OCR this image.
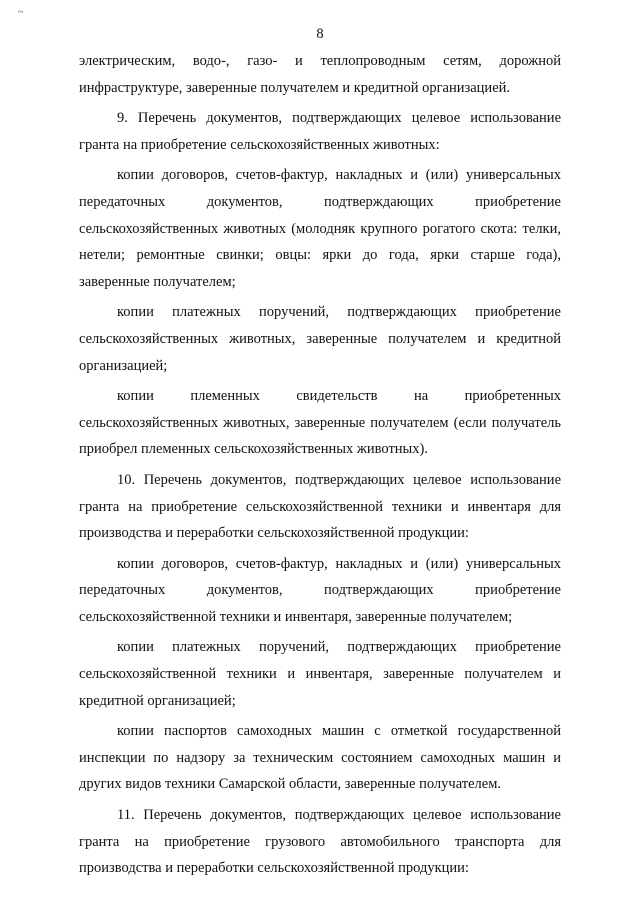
~
8

электрическим, водо-, газо- и теплопроводным сетям, дорожной инфраструктуре, заверенные получателем и кредитной организацией.

9. Перечень документов, подтверждающих целевое использование гранта на приобретение сельскохозяйственных животных:

копии договоров, счетов-фактур, накладных и (или) универсальных передаточных документов, подтверждающих приобретение сельскохозяйственных животных (молодняк крупного рогатого скота: телки, нетели; ремонтные свинки; овцы: ярки до года, ярки старше года), заверенные получателем;

копии платежных поручений, подтверждающих приобретение сельскохозяйственных животных, заверенные получателем и кредитной организацией;

копии племенных свидетельств на приобретенных сельскохозяйственных животных, заверенные получателем (если получатель приобрел племенных сельскохозяйственных животных).

10. Перечень документов, подтверждающих целевое использование гранта на приобретение сельскохозяйственной техники и инвентаря для производства и переработки сельскохозяйственной продукции:

копии договоров, счетов-фактур, накладных и (или) универсальных передаточных документов, подтверждающих приобретение сельскохозяйственной техники и инвентаря, заверенные получателем;

копии платежных поручений, подтверждающих приобретение сельскохозяйственной техники и инвентаря, заверенные получателем и кредитной организацией;

копии паспортов самоходных машин с отметкой государственной инспекции по надзору за техническим состоянием самоходных машин и других видов техники Самарской области, заверенные получателем.

11. Перечень документов, подтверждающих целевое использование гранта на приобретение грузового автомобильного транспорта для производства и переработки сельскохозяйственной продукции:
